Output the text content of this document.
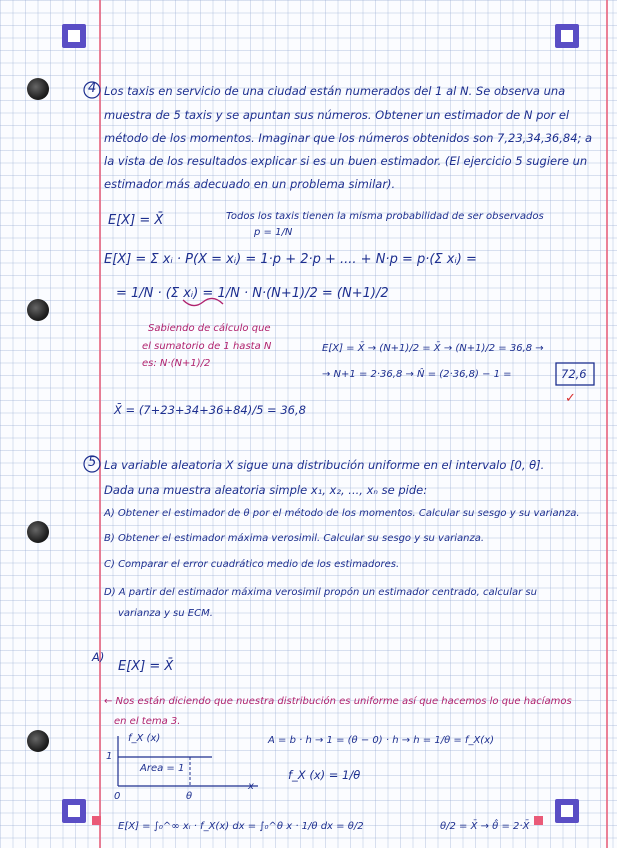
4 Los taxis en servicio de una ciudad están numerados del 1 al N. Se observa una
muestra de 5 taxis y se apuntan sus números. Obtener un estimador de N por el
método de los momentos. Imaginar que los números obtenidos son 7,23,34,36,84; a
la vista de los resultados explicar si es un buen estimador. (El ejercicio 5 sugiere un
estimador más adecuado en un problema similar).
E[X] = X̄	Todos los taxis tienen la misma probabilidad de ser observados
p = 1/N
E[X] = Σ xᵢ · P(X = xᵢ) = 1·p + 2·p + .... + N·p = p·(Σ xᵢ) =
= 1/N · (Σ xᵢ) = 1/N · N·(N+1)/2 = (N+1)/2
Sabiendo de cálculo que
el sumatorio de 1 hasta N
es: N·(N+1)/2
E[X] = X̄ → (N+1)/2 = X̄ → (N+1)/2 = 36,8 →
→ N+1 = 2·36,8 → N̂ = (2·36,8) − 1 =	72,6
✓
X̄ = (7+23+34+36+84)/5 = 36,8
5 La variable aleatoria X sigue una distribución uniforme en el intervalo [0, θ].
Dada una muestra aleatoria simple x₁, x₂, ..., xₙ se pide:
A) Obtener el estimador de θ por el método de los momentos. Calcular su sesgo y su varianza.
B) Obtener el estimador máxima verosimil. Calcular su sesgo y su varianza.
C) Comparar el error cuadrático medio de los estimadores.
D) A partir del estimador máxima verosimil propón un estimador centrado, calcular su
varianza y su ECM.
A)
E[X] = X̄
← Nos están diciendo que nuestra distribución es uniforme así que hacemos lo que hacíamos
en el tema 3.
f_X (x)
1
Area = 1
0	θ
x
A = b · h → 1 = (θ − 0) · h → h = 1/θ = f_X(x)
f_X (x) = 1/θ
E[X] = ∫₀^∞ xᵢ · f_X(x) dx = ∫₀^θ x · 1/θ dx = θ/2	θ/2 = X̄ → θ̂ = 2·X̄
